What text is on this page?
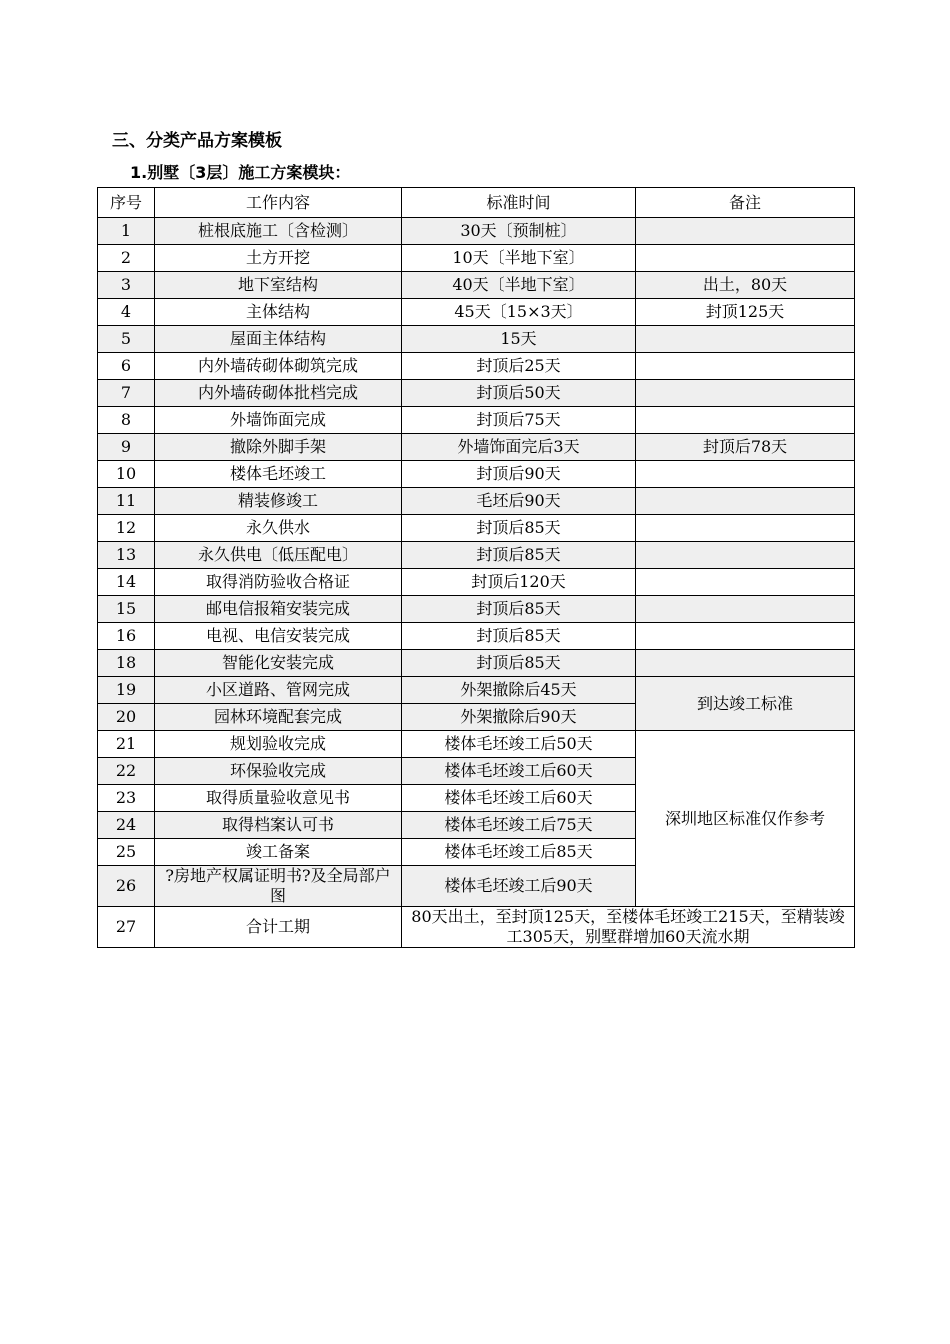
三、分类产品方案模板
1.别墅〔3层〕施工方案模块：
序号	工作内容	标准时间	备注
1	桩根底施工〔含检测〕	30天〔预制桩〕	
2	土方开挖	10天〔半地下室〕	
3	地下室结构	40天〔半地下室〕	出土，80天
4	主体结构	45天〔15×3天〕	封顶125天
5	屋面主体结构	15天	
6	内外墙砖砌体砌筑完成	封顶后25天	
7	内外墙砖砌体批档完成	封顶后50天	
8	外墙饰面完成	封顶后75天	
9	撤除外脚手架	外墙饰面完后3天	封顶后78天
10	楼体毛坯竣工	封顶后90天	
11	精装修竣工	毛坯后90天	
12	永久供水	封顶后85天	
13	永久供电〔低压配电〕	封顶后85天	
14	取得消防验收合格证	封顶后120天	
15	邮电信报箱安装完成	封顶后85天	
16	电视、电信安装完成	封顶后85天	
18	智能化安装完成	封顶后85天	
19	小区道路、管网完成	外架撤除后45天	到达竣工标准
20	园林环境配套完成	外架撤除后90天	
21	规划验收完成	楼体毛坯竣工后50天	深圳地区标准仅作参考
22	环保验收完成	楼体毛坯竣工后60天	
23	取得质量验收意见书	楼体毛坯竣工后60天	
24	取得档案认可书	楼体毛坯竣工后75天	
25	竣工备案	楼体毛坯竣工后85天	
26	?房地产权属证明书?及全局部户图	楼体毛坯竣工后90天	
27	合计工期	80天出土，至封顶125天，至楼体毛坯竣工215天，至精装竣工305天，别墅群增加60天流水期	
